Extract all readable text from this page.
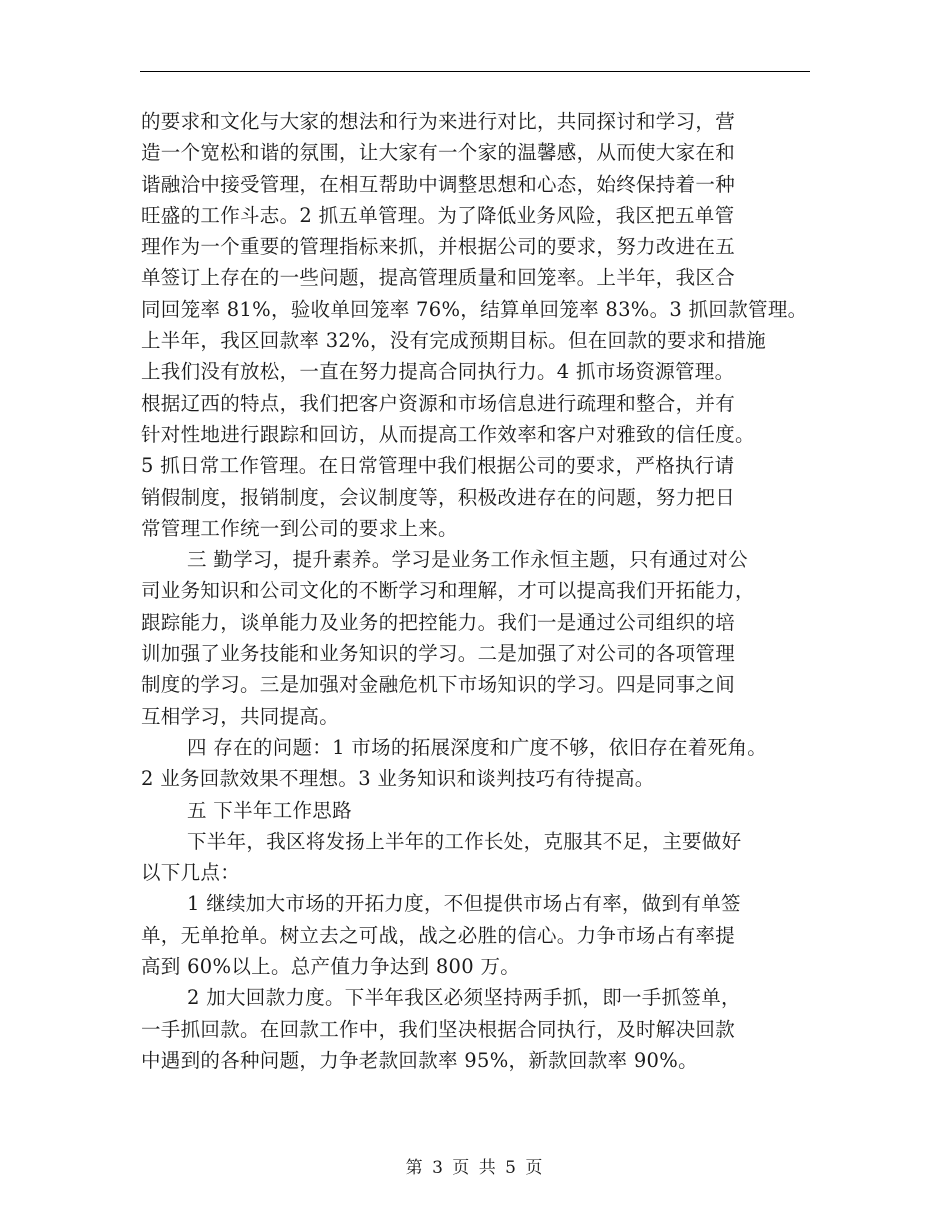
的要求和文化与大家的想法和行为来进行对比，共同探讨和学习，营
造一个宽松和谐的氛围，让大家有一个家的温馨感，从而使大家在和
谐融洽中接受管理，在相互帮助中调整思想和心态，始终保持着一种
旺盛的工作斗志。2 抓五单管理。为了降低业务风险，我区把五单管
理作为一个重要的管理指标来抓，并根据公司的要求，努力改进在五
单签订上存在的一些问题，提高管理质量和回笼率。上半年，我区合
同回笼率 81%，验收单回笼率 76%，结算单回笼率 83%。3 抓回款管理。
上半年，我区回款率 32%，没有完成预期目标。但在回款的要求和措施
上我们没有放松，一直在努力提高合同执行力。4 抓市场资源管理。
根据辽西的特点，我们把客户资源和市场信息进行疏理和整合，并有
针对性地进行跟踪和回访，从而提高工作效率和客户对雅致的信任度。
5 抓日常工作管理。在日常管理中我们根据公司的要求，严格执行请
销假制度，报销制度，会议制度等，积极改进存在的问题，努力把日
常管理工作统一到公司的要求上来。
三 勤学习，提升素养。学习是业务工作永恒主题，只有通过对公
司业务知识和公司文化的不断学习和理解，才可以提高我们开拓能力，
跟踪能力，谈单能力及业务的把控能力。我们一是通过公司组织的培
训加强了业务技能和业务知识的学习。二是加强了对公司的各项管理
制度的学习。三是加强对金融危机下市场知识的学习。四是同事之间
互相学习，共同提高。
四 存在的问题：1 市场的拓展深度和广度不够，依旧存在着死角。
2 业务回款效果不理想。3 业务知识和谈判技巧有待提高。
五 下半年工作思路
下半年，我区将发扬上半年的工作长处，克服其不足，主要做好
以下几点：
1 继续加大市场的开拓力度，不但提供市场占有率，做到有单签
单，无单抢单。树立去之可战，战之必胜的信心。力争市场占有率提
高到 60%以上。总产值力争达到 800 万。
2 加大回款力度。下半年我区必须坚持两手抓，即一手抓签单，
一手抓回款。在回款工作中，我们坚决根据合同执行，及时解决回款
中遇到的各种问题，力争老款回款率 95%，新款回款率 90%。
第 3 页 共 5 页
